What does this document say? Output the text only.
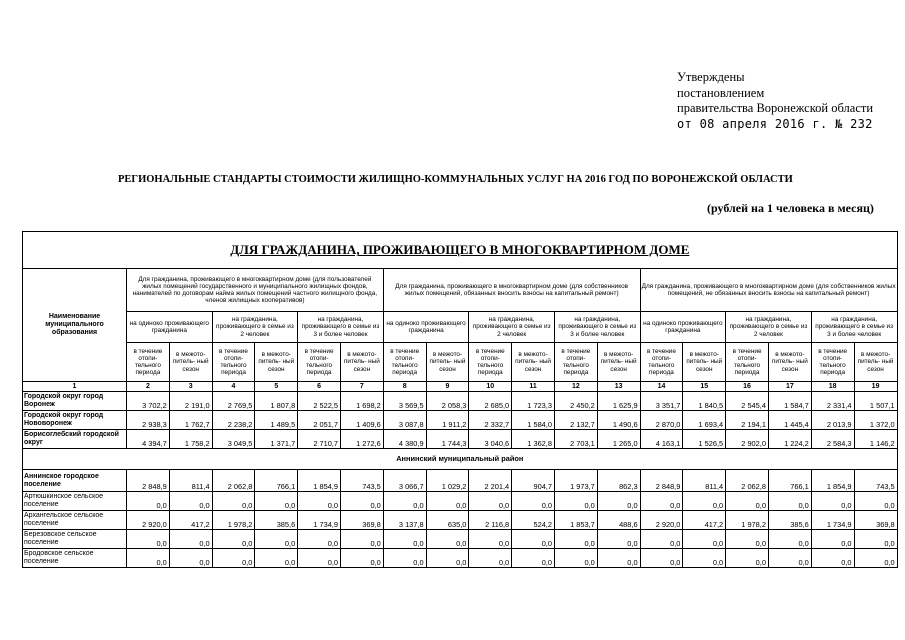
Утверждены
постановлением
правительства Воронежской области
от 08 апреля 2016 г. № 232
РЕГИОНАЛЬНЫЕ СТАНДАРТЫ СТОИМОСТИ ЖИЛИЩНО-КОММУНАЛЬНЫХ УСЛУГ НА 2016 ГОД ПО ВОРОНЕЖСКОЙ ОБЛАСТИ
(рублей на 1 человека в месяц)
ДЛЯ ГРАЖДАНИНА, ПРОЖИВАЮЩЕГО В МНОГОКВАРТИРНОМ ДОМЕ																		
Наименование муниципального образования	Для гражданина, проживающего в многоквартирном доме (для пользователей жилых помещений государственного и муниципального жилищных фондов, нанимателей по договорам найма жилых помещений частного жилищного фонда, членов жилищных кооперативов)						Для гражданина, проживающего в многоквартирном доме (для собственников жилых помещений, обязанных вносить взносы на капитальный ремонт)						Для гражданина, проживающего в многоквартирном доме (для собственников жилых помещений, не обязанных вносить взносы на капитальный ремонт)					
	на одиноко проживающего гражданина		на гражданина, проживающего в семье из 2 человек		на гражданина, проживающего в семье из 3 и более человек		на одиноко проживающего гражданина		на гражданина, проживающего в семье из 2 человек		на гражданина, проживающего в семье из 3 и более человек		на одиноко проживающего гражданина		на гражданина, проживающего в семье из 2 человек		на гражданина, проживающего в семье из 3 и более человек	
	в течение отопи- тельного периода	в межото- питель- ный сезон	в течение отопи- тельного периода	в межото- питель- ный сезон	в течение отопи- тельного периода	в межото- питель- ный сезон	в течение отопи- тельного периода	в межото- питель- ный сезон	в течение отопи- тельного периода	в межото- питель- ный сезон	в течение отопи- тельного периода	в межото- питель- ный сезон	в течение отопи- тельного периода	в межото- питель- ный сезон	в течение отопи- тельного периода	в межото- питель- ный сезон	в течение отопи- тельного периода	в межото- питель- ный сезон
1	2	3	4	5	6	7	8	9	10	11	12	13	14	15	16	17	18	19
Городской округ город Воронеж	3 702,2	2 191,0	2 769,5	1 807,8	2 522,5	1 698,2	3 569,5	2 058,3	2 685,0	1 723,3	2 450,2	1 625,9	3 351,7	1 840,5	2 545,4	1 584,7	2 331,4	1 507,1
Городской округ город Нововоронеж	2 938,3	1 762,7	2 238,2	1 489,5	2 051,7	1 409,6	3 087,8	1 911,2	2 332,7	1 584,0	2 132,7	1 490,6	2 870,0	1 693,4	2 194,1	1 445,4	2 013,9	1 372,0
Борисоглебский городской округ	4 394,7	1 758,2	3 049,5	1 371,7	2 710,7	1 272,6	4 380,9	1 744,3	3 040,6	1 362,8	2 703,1	1 265,0	4 163,1	1 526,5	2 902,0	1 224,2	2 584,3	1 146,2
Аннинский муниципальный район																		
Аннинское городское поселение	2 848,9	811,4	2 062,8	766,1	1 854,9	743,5	3 066,7	1 029,2	2 201,4	904,7	1 973,7	862,3	2 848,9	811,4	2 062,8	766,1	1 854,9	743,5
Артюшкинское сельское поселение	0,0	0,0	0,0	0,0	0,0	0,0	0,0	0,0	0,0	0,0	0,0	0,0	0,0	0,0	0,0	0,0	0,0	0,0
Архангельское сельское поселение	2 920,0	417,2	1 978,2	385,6	1 734,9	369,8	3 137,8	635,0	2 116,8	524,2	1 853,7	488,6	2 920,0	417,2	1 978,2	385,6	1 734,9	369,8
Березовское сельское поселение	0,0	0,0	0,0	0,0	0,0	0,0	0,0	0,0	0,0	0,0	0,0	0,0	0,0	0,0	0,0	0,0	0,0	0,0
Бродовское сельское поселение	0,0	0,0	0,0	0,0	0,0	0,0	0,0	0,0	0,0	0,0	0,0	0,0	0,0	0,0	0,0	0,0	0,0	0,0
